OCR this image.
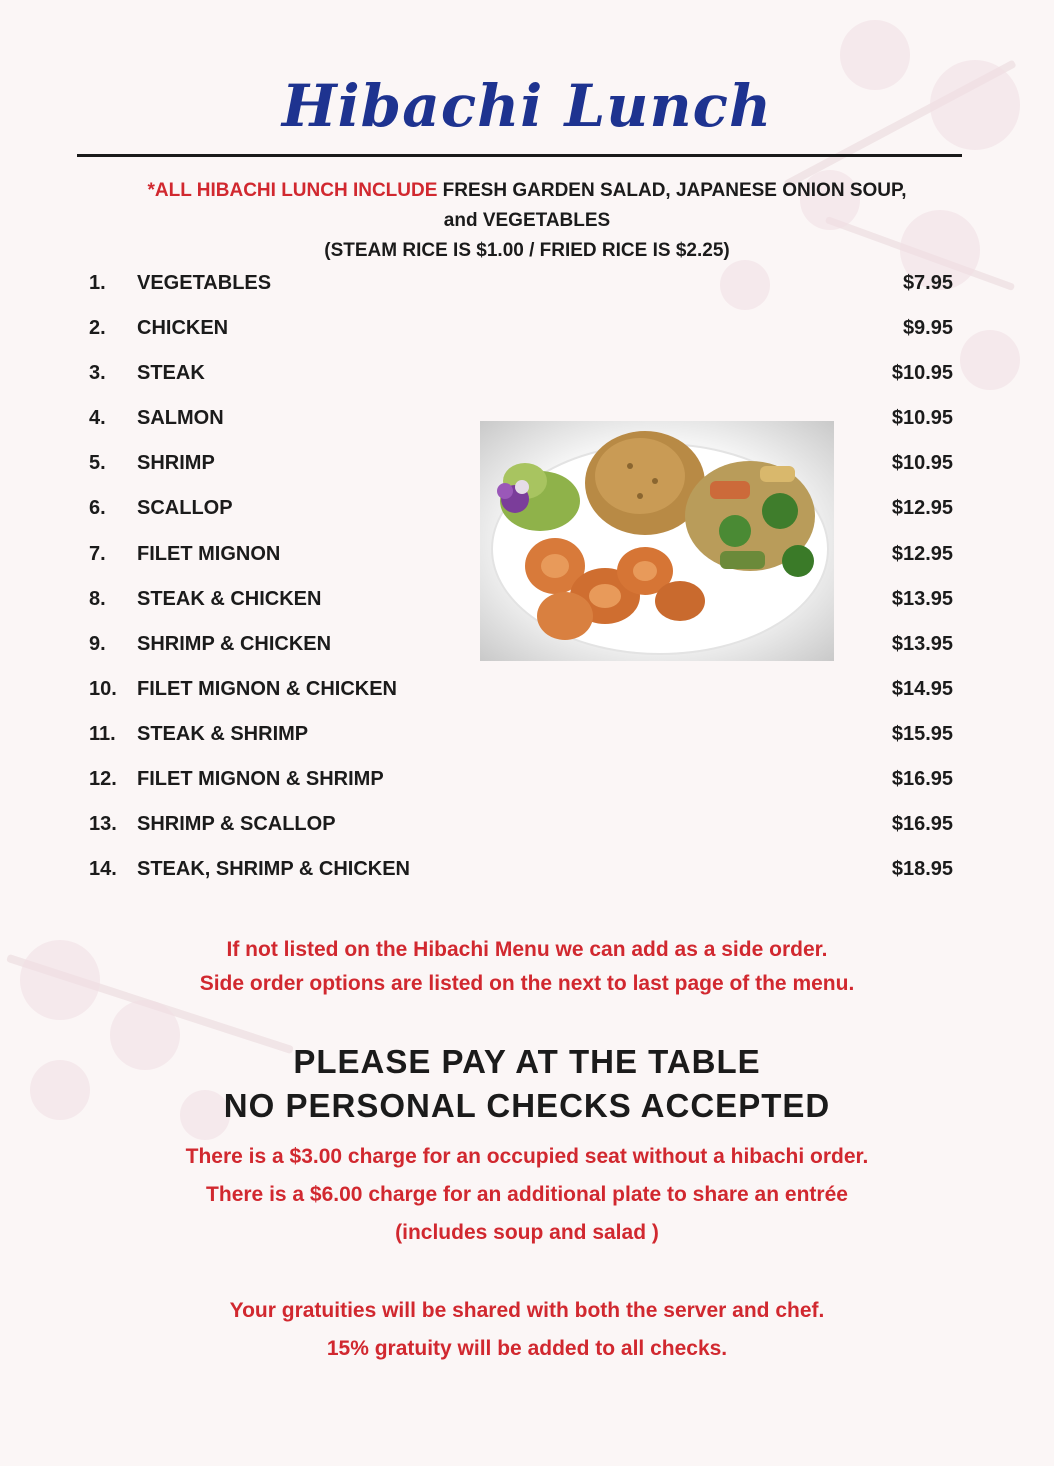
Hibachi Lunch
*ALL HIBACHI LUNCH INCLUDE FRESH GARDEN SALAD, JAPANESE ONION SOUP,
and VEGETABLES
(STEAM RICE IS $1.00 / FRIED RICE IS $2.25)
1. VEGETABLES	$7.95
2. CHICKEN	$9.95
3. STEAK	$10.95
4. SALMON	$10.95
5. SHRIMP	$10.95
6. SCALLOP	$12.95
7. FILET MIGNON	$12.95
8. STEAK & CHICKEN	$13.95
9. SHRIMP & CHICKEN	$13.95
10. FILET MIGNON & CHICKEN	$14.95
11. STEAK & SHRIMP	$15.95
12. FILET MIGNON & SHRIMP	$16.95
13. SHRIMP & SCALLOP	$16.95
14. STEAK, SHRIMP & CHICKEN	$18.95
If not listed on the Hibachi Menu we can add as a side order.
Side order options are listed on the next to last page of the menu.
PLEASE PAY AT THE TABLE
NO PERSONAL CHECKS ACCEPTED
There is a $3.00 charge for an occupied seat without a hibachi order.
There is a $6.00 charge for an additional plate to share an entrée
(includes soup and salad )
Your gratuities will be shared with both the server and chef.
15% gratuity will be added to all checks.
